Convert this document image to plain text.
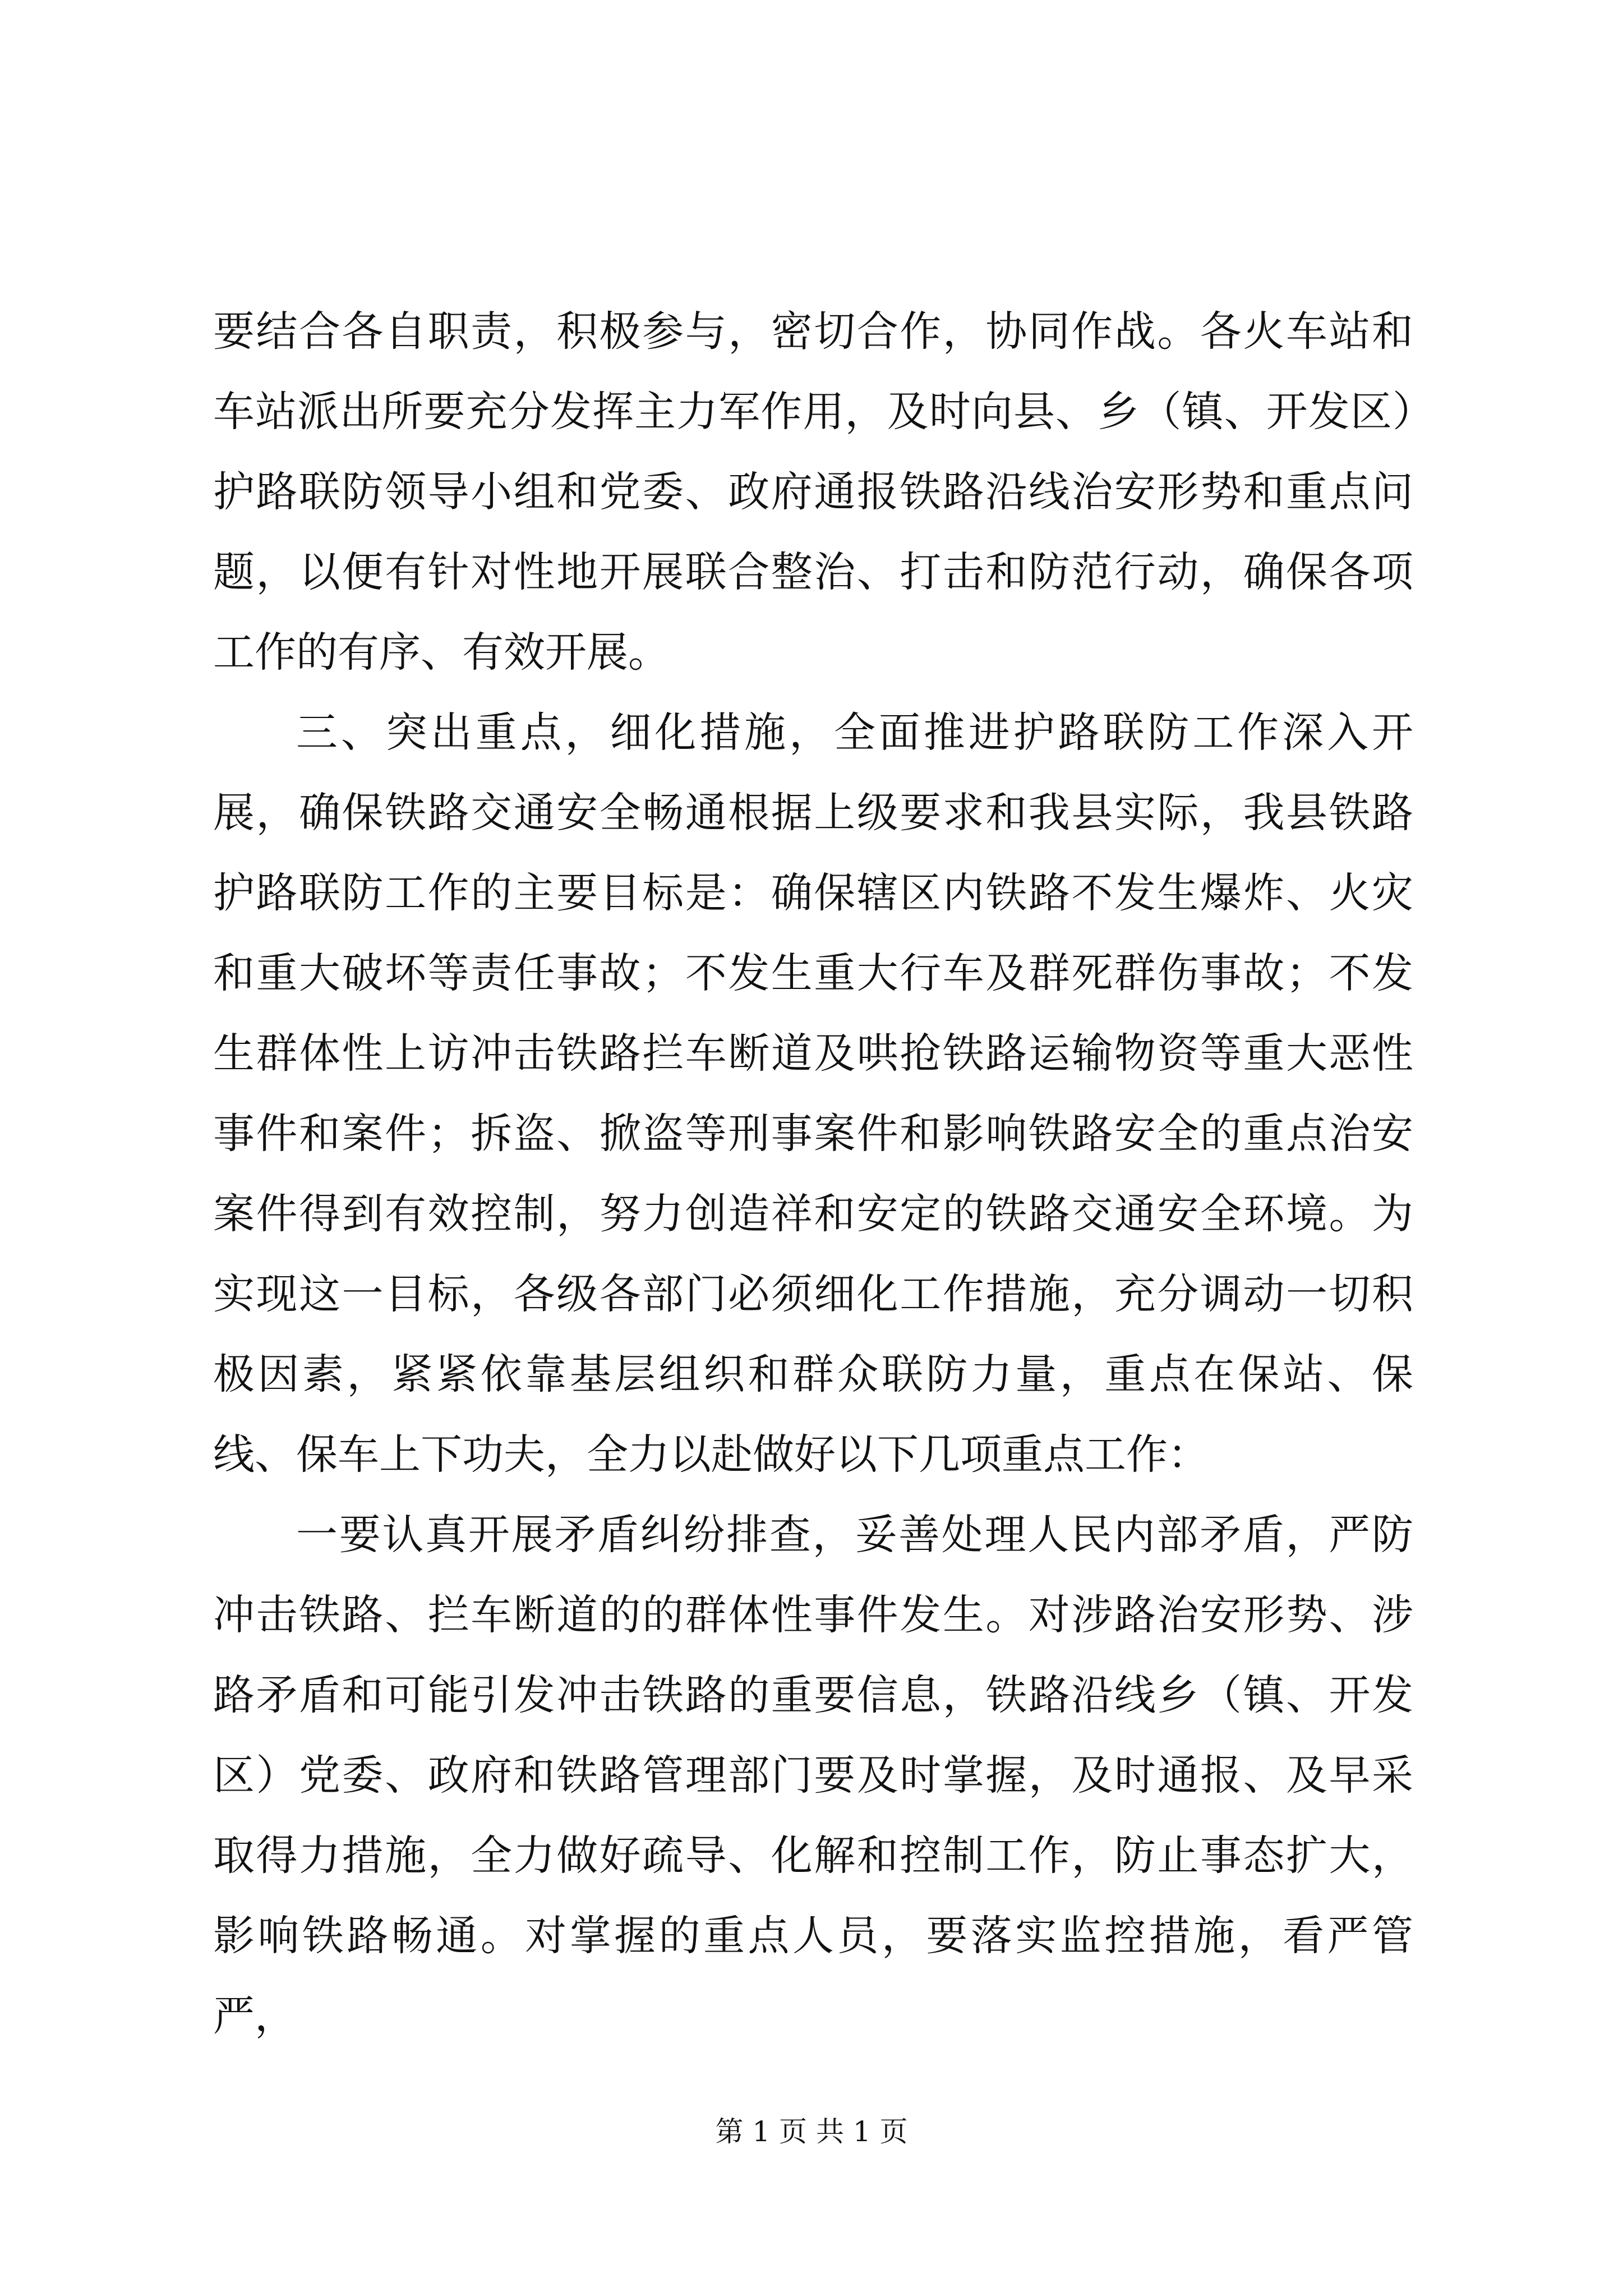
要结合各自职责，积极参与，密切合作，协同作战。各火车站和车站派出所要充分发挥主力军作用，及时向县、乡（镇、开发区）护路联防领导小组和党委、政府通报铁路沿线治安形势和重点问题，以便有针对性地开展联合整治、打击和防范行动，确保各项工作的有序、有效开展。

三、突出重点，细化措施，全面推进护路联防工作深入开展，确保铁路交通安全畅通根据上级要求和我县实际，我县铁路护路联防工作的主要目标是：确保辖区内铁路不发生爆炸、火灾和重大破坏等责任事故；不发生重大行车及群死群伤事故；不发生群体性上访冲击铁路拦车断道及哄抢铁路运输物资等重大恶性事件和案件；拆盗、掀盗等刑事案件和影响铁路安全的重点治安案件得到有效控制，努力创造祥和安定的铁路交通安全环境。为实现这一目标，各级各部门必须细化工作措施，充分调动一切积极因素，紧紧依靠基层组织和群众联防力量，重点在保站、保线、保车上下功夫，全力以赴做好以下几项重点工作：

一要认真开展矛盾纠纷排查，妥善处理人民内部矛盾，严防冲击铁路、拦车断道的的群体性事件发生。对涉路治安形势、涉路矛盾和可能引发冲击铁路的重要信息，铁路沿线乡（镇、开发区）党委、政府和铁路管理部门要及时掌握，及时通报、及早采取得力措施，全力做好疏导、化解和控制工作，防止事态扩大，影响铁路畅通。对掌握的重点人员，要落实监控措施，看严管严，

第 1 页 共 1 页
